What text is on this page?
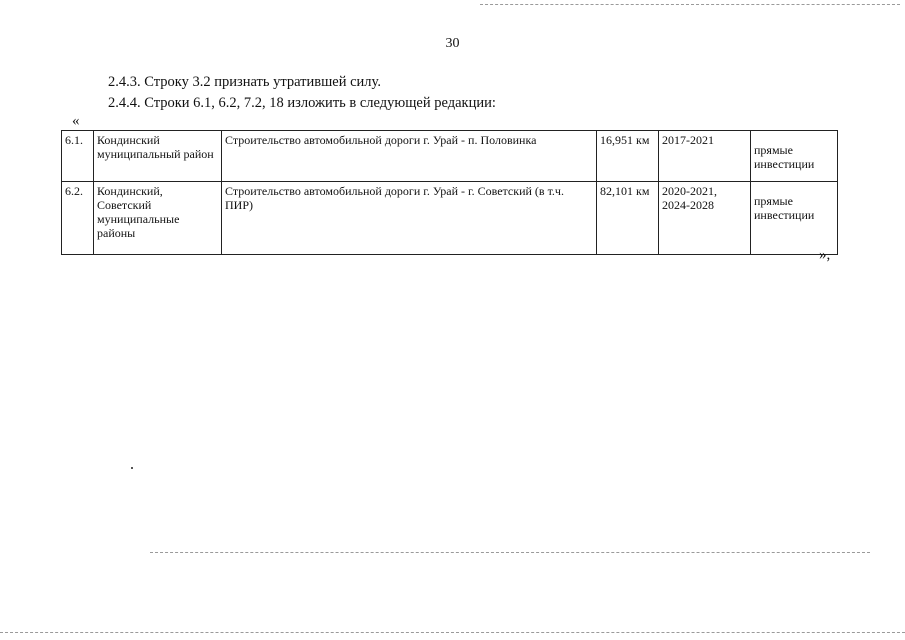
30
2.4.3. Строку 3.2 признать утратившей силу.
2.4.4. Строки 6.1, 6.2, 7.2, 18 изложить в следующей редакции:
«
6.1.	Кондинский муниципальный район	Строительство автомобильной дороги г. Урай - п. Половинка	16,951 км	2017-2021	прямые инвестиции
6.2.	Кондинский, Советский муниципальные районы	Строительство автомобильной дороги г. Урай - г. Советский (в т.ч. ПИР)	82,101 км	2020-2021, 2024-2028	прямые инвестиции
»,
